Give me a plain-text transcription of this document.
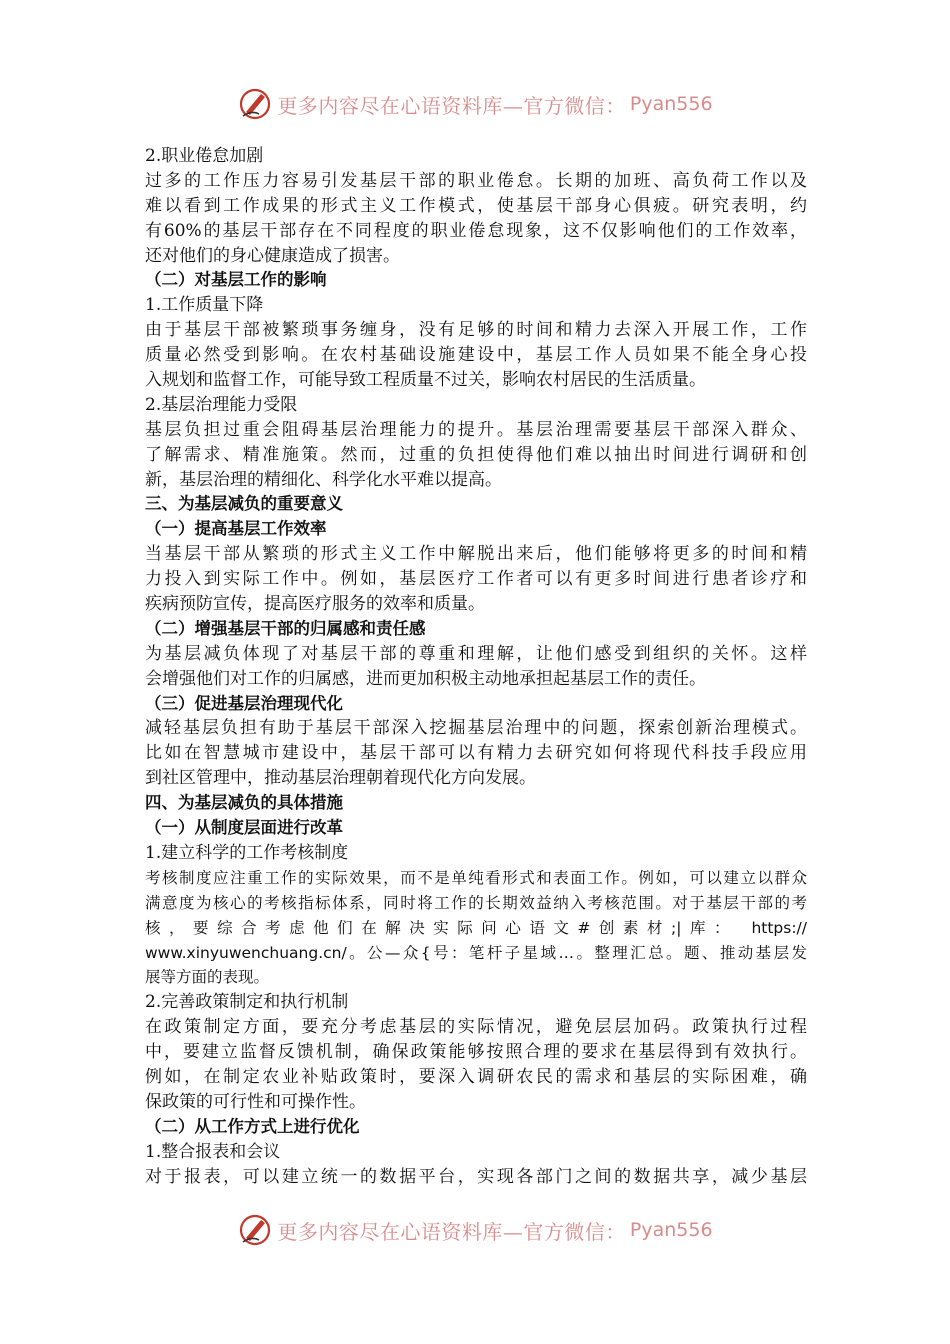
更多内容尽在心语资料库—官方微信： Pyan556
2.职业倦怠加剧
过多的工作压力容易引发基层干部的职业倦怠。长期的加班、高负荷工作以及
难以看到工作成果的形式主义工作模式，使基层干部身心俱疲。研究表明，约
有60%的基层干部存在不同程度的职业倦怠现象，这不仅影响他们的工作效率，
还对他们的身心健康造成了损害。
（二）对基层工作的影响
1.工作质量下降
由于基层干部被繁琐事务缠身，没有足够的时间和精力去深入开展工作，工作
质量必然受到影响。在农村基础设施建设中，基层工作人员如果不能全身心投
入规划和监督工作，可能导致工程质量不过关，影响农村居民的生活质量。
2.基层治理能力受限
基层负担过重会阻碍基层治理能力的提升。基层治理需要基层干部深入群众、
了解需求、精准施策。然而，过重的负担使得他们难以抽出时间进行调研和创
新，基层治理的精细化、科学化水平难以提高。
三、为基层减负的重要意义
（一）提高基层工作效率
当基层干部从繁琐的形式主义工作中解脱出来后，他们能够将更多的时间和精
力投入到实际工作中。例如，基层医疗工作者可以有更多时间进行患者诊疗和
疾病预防宣传，提高医疗服务的效率和质量。
（二）增强基层干部的归属感和责任感
为基层减负体现了对基层干部的尊重和理解，让他们感受到组织的关怀。这样
会增强他们对工作的归属感，进而更加积极主动地承担起基层工作的责任。
（三）促进基层治理现代化
减轻基层负担有助于基层干部深入挖掘基层治理中的问题，探索创新治理模式。
比如在智慧城市建设中，基层干部可以有精力去研究如何将现代科技手段应用
到社区管理中，推动基层治理朝着现代化方向发展。
四、为基层减负的具体措施
（一）从制度层面进行改革
1.建立科学的工作考核制度
考核制度应注重工作的实际效果，而不是单纯看形式和表面工作。例如，可以建立以群众
满意度为核心的考核指标体系，同时将工作的长期效益纳入考核范围。对于基层干部的考
核，要综合考虑他们在解决实际问心语文#创素材;|库： https://
www.xinyuwenchuang.cn/。公—众{号：笔杆子星域…。整理汇总。题、推动基层发
展等方面的表现。
2.完善政策制定和执行机制
在政策制定方面，要充分考虑基层的实际情况，避免层层加码。政策执行过程
中，要建立监督反馈机制，确保政策能够按照合理的要求在基层得到有效执行。
例如，在制定农业补贴政策时，要深入调研农民的需求和基层的实际困难，确
保政策的可行性和可操作性。
（二）从工作方式上进行优化
1.整合报表和会议
对于报表，可以建立统一的数据平台，实现各部门之间的数据共享，减少基层
更多内容尽在心语资料库—官方微信： Pyan556
